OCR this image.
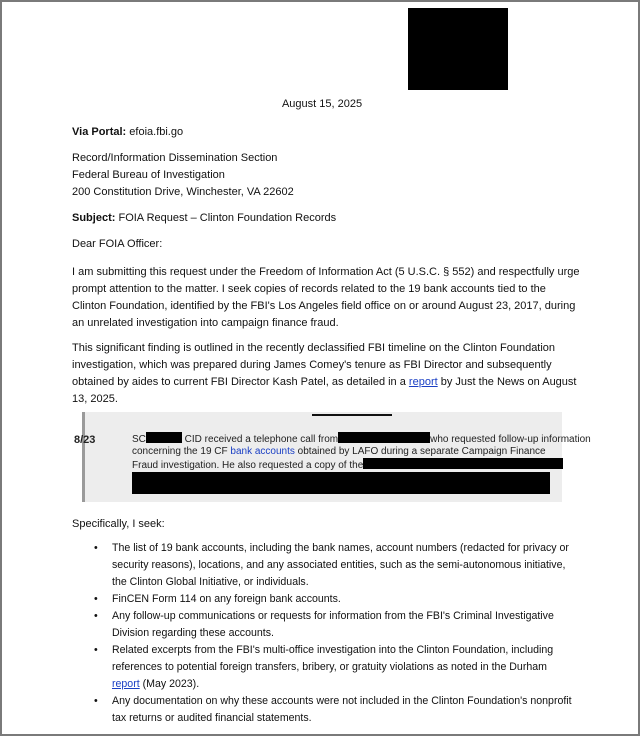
August 15, 2025
Via Portal: efoia.fbi.go
Record/Information Dissemination Section
Federal Bureau of Investigation
200 Constitution Drive, Winchester, VA 22602
Subject: FOIA Request – Clinton Foundation Records
Dear FOIA Officer:
I am submitting this request under the Freedom of Information Act (5 U.S.C. § 552) and respectfully urge
prompt attention to the matter. I seek copies of records related to the 19 bank accounts tied to the
Clinton Foundation, identified by the FBI's Los Angeles field office on or around August 23, 2017, during
an unrelated investigation into campaign finance fraud.
This significant finding is outlined in the recently declassified FBI timeline on the Clinton Foundation
investigation, which was prepared during James Comey's tenure as FBI Director and subsequently
obtained by aides to current FBI Director Kash Patel, as detailed in a report by Just the News on August
13, 2025.
8/23	SC	CID received a telephone call from	who requested follow-up information
concerning the 19 CF bank accounts obtained by LAFO during a separate Campaign Finance
Fraud investigation. He also requested a copy of the
Specifically, I seek:
• The list of 19 bank accounts, including the bank names, account numbers (redacted for privacy or security reasons), locations, and any associated entities, such as the semi-autonomous initiative, the Clinton Global Initiative, or individuals.
• FinCEN Form 114 on any foreign bank accounts.
• Any follow-up communications or requests for information from the FBI's Criminal Investigative Division regarding these accounts.
• Related excerpts from the FBI's multi-office investigation into the Clinton Foundation, including references to potential foreign transfers, bribery, or gratuity violations as noted in the Durham report (May 2023).
• Any documentation on why these accounts were not included in the Clinton Foundation's nonprofit tax returns or audited financial statements.
